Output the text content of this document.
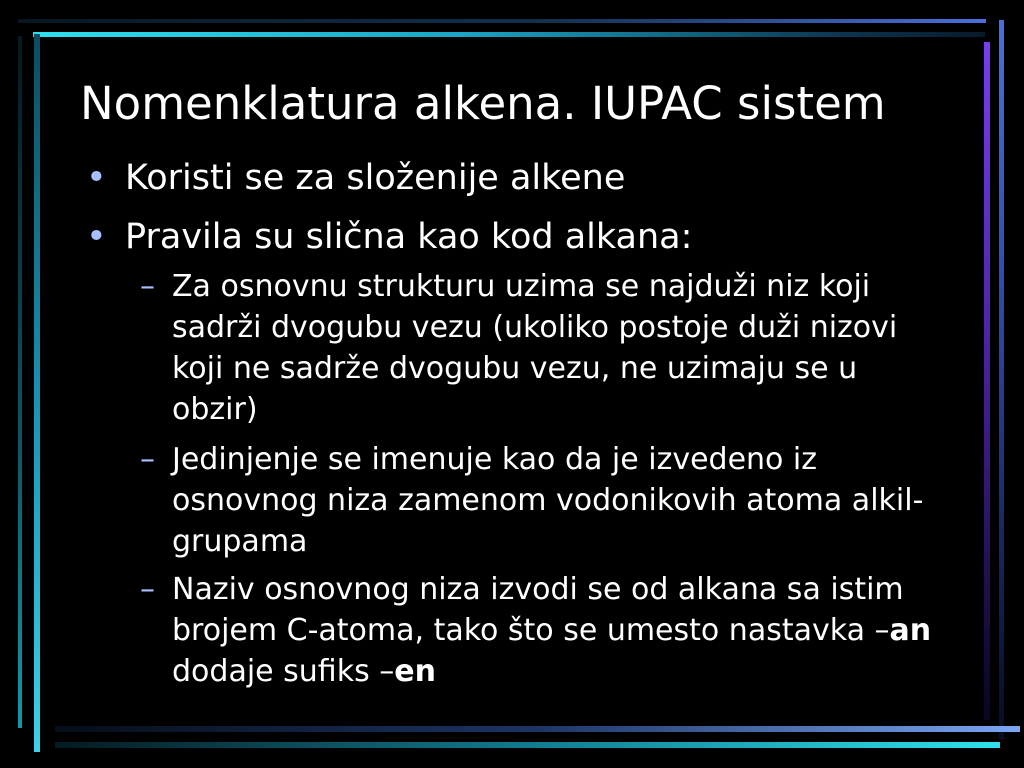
Nomenklatura alkena. IUPAC sistem
• Koristi se za složenije alkene
• Pravila su slična kao kod alkana:
– Za osnovnu strukturu uzima se najduži niz koji
sadrži dvogubu vezu (ukoliko postoje duži nizovi
koji ne sadrže dvogubu vezu, ne uzimaju se u
obzir)
– Jedinjenje se imenuje kao da je izvedeno iz
osnovnog niza zamenom vodonikovih atoma alkil-
grupama
– Naziv osnovnog niza izvodi se od alkana sa istim
brojem C-atoma, tako što se umesto nastavka –an
dodaje sufiks –en
